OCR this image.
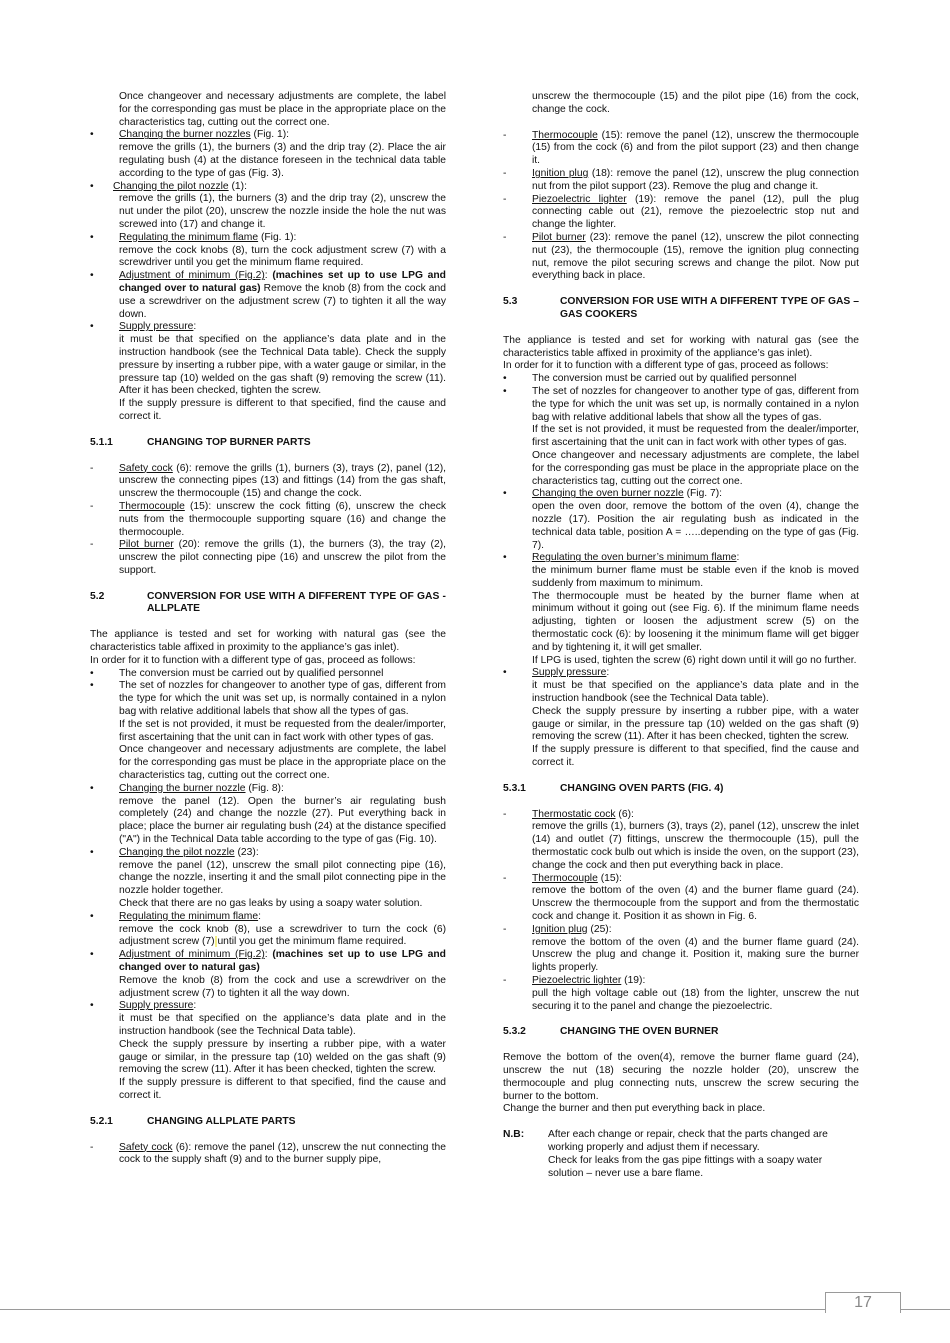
Once changeover and necessary adjustments are complete, the label for the corresponding gas must be place in the appropriate place on the characteristics tag, cutting out the correct one.

• Changing the burner nozzles (Fig. 1):
remove the grills (1), the burners (3) and the drip tray (2). Place the air regulating bush (4) at the distance foreseen in the technical data table according to the type of gas (Fig. 3).
• Changing the pilot nozzle (1):

remove the grills (1), the burners (3) and the drip tray (2), unscrew the nut under the pilot (20), unscrew the nozzle inside the hole the nut was screwed into (17) and change it.
• Regulating the minimum flame (Fig. 1):
remove the cock knobs (8), turn the cock adjustment screw (7) with a screwdriver until you get the minimum flame required.
• Adjustment of minimum (Fig.2): (machines set up to use LPG and changed over to natural gas) Remove the knob (8) from the cock and use a screwdriver on the adjustment screw (7) to tighten it all the way down.
• Supply pressure:
it must be that specified on the appliance’s data plate and in the instruction handbook (see the Technical Data table). Check the supply pressure by inserting a rubber pipe, with a water gauge or similar, in the pressure tap (10) welded on the gas shaft (9) removing the screw (11). After it has been checked, tighten the screw.
If the supply pressure is different to that specified, find the cause and correct it.
5.1.1	CHANGING TOP BURNER PARTS
- Safety cock (6): remove the grills (1), burners (3), trays (2), panel (12), unscrew the connecting pipes (13) and fittings (14) from the gas shaft, unscrew the thermocouple (15) and change the cock.
- Thermocouple (15): unscrew the cock fitting (6), unscrew the check nuts from the thermocouple supporting square (16) and change the thermocouple.
- Pilot burner (20): remove the grills (1), the burners (3), the tray (2), unscrew the pilot connecting pipe (16) and unscrew the pilot from the support.
5.2	CONVERSION FOR USE WITH A DIFFERENT TYPE OF GAS - ALLPLATE

The appliance is tested and set for working with natural gas (see the characteristics table affixed in proximity to the appliance’s gas inlet).

In order for it to function with a different type of gas, proceed as follows:

• The conversion must be carried out by qualified personnel
• The set of nozzles for changeover to another type of gas, different from the type for which the unit was set up, is normally contained in a nylon bag with relative additional labels that show all the types of gas.
If the set is not provided, it must be requested from the dealer/importer, first ascertaining that the unit can in fact work with other types of gas.
Once changeover and necessary adjustments are complete, the label for the corresponding gas must be place in the appropriate place on the characteristics tag, cutting out the correct one.
• Changing the burner nozzle (Fig. 8):
remove the panel (12). Open the burner’s air regulating bush completely (24) and change the nozzle (27). Put everything back in place; place the burner air regulating bush (24) at the distance specified ("A") in the Technical Data table according to the type of gas (Fig. 10).
• Changing the pilot nozzle (23):
remove the panel (12), unscrew the small pilot connecting pipe (16), change the nozzle, inserting it and the small pilot connecting pipe in the nozzle holder together.
Check that there are no gas leaks by using a soapy water solution.
• Regulating the minimum flame:
remove the cock knob (8), use a screwdriver to turn the cock (6) adjustment screw (7) until you get the minimum flame required.
• Adjustment of minimum (Fig.2): (machines set up to use LPG and changed over to natural gas)
Remove the knob (8) from the cock and use a screwdriver on the adjustment screw (7) to tighten it all the way down.
• Supply pressure:
it must be that specified on the appliance’s data plate and in the instruction handbook (see the Technical Data table).
Check the supply pressure by inserting a rubber pipe, with a water gauge or similar, in the pressure tap (10) welded on the gas shaft (9) removing the screw (11). After it has been checked, tighten the screw.
If the supply pressure is different to that specified, find the cause and correct it.
5.2.1	CHANGING ALLPLATE PARTS
- Safety cock (6): remove the panel (12), unscrew the nut connecting the cock to the supply shaft (9) and to the burner supply pipe,

unscrew the thermocouple (15) and the pilot pipe (16) from the cock, change the cock.

- Thermocouple (15): remove the panel (12), unscrew the thermocouple (15) from the cock (6) and from the pilot support (23) and then change it.
- Ignition plug (18): remove the panel (12), unscrew the plug connection nut from the pilot support (23). Remove the plug and change it.
- Piezoelectric lighter (19): remove the panel (12), pull the plug connecting cable out (21), remove the piezoelectric stop nut and change the lighter.
- Pilot burner (23): remove the panel (12), unscrew the pilot connecting nut (23), the thermocouple (15), remove the ignition plug connecting nut, remove the pilot securing screws and change the pilot. Now put everything back in place.
5.3	CONVERSION FOR USE WITH A DIFFERENT TYPE OF GAS – GAS COOKERS

The appliance is tested and set for working with natural gas (see the characteristics table affixed in proximity of the appliance’s gas inlet).

In order for it to function with a different type of gas, proceed as follows:

• The conversion must be carried out by qualified personnel
• The set of nozzles for changeover to another type of gas, different from the type for which the unit was set up, is normally contained in a nylon bag with relative additional labels that show all the types of gas.
If the set is not provided, it must be requested from the dealer/importer, first ascertaining that the unit can in fact work with other types of gas.
Once changeover and necessary adjustments are complete, the label for the corresponding gas must be place in the appropriate place on the characteristics tag, cutting out the correct one.
• Changing the oven burner nozzle (Fig. 7):
open the oven door, remove the bottom of the oven (4), change the nozzle (17). Position the air regulating bush as indicated in the technical data table, position A = …..depending on the type of gas (Fig. 7).
• Regulating the oven burner’s minimum flame:
the minimum burner flame must be stable even if the knob is moved suddenly from maximum to minimum.
The thermocouple must be heated by the burner flame when at minimum without it going out (see Fig. 6). If the minimum flame needs adjusting, tighten or loosen the adjustment screw (5) on the thermostatic cock (6): by loosening it the minimum flame will get bigger and by tightening it, it will get smaller.
If LPG is used, tighten the screw (6) right down until it will go no further.
• Supply pressure:
it must be that specified on the appliance’s data plate and in the instruction handbook (see the Technical Data table).
Check the supply pressure by inserting a rubber pipe, with a water gauge or similar, in the pressure tap (10) welded on the gas shaft (9) removing the screw (11). After it has been checked, tighten the screw.
If the supply pressure is different to that specified, find the cause and correct it.
5.3.1	CHANGING OVEN PARTS (FIG. 4)
- Thermostatic cock (6):
remove the grills (1), burners (3), trays (2), panel (12), unscrew the inlet (14) and outlet (7) fittings, unscrew the thermocouple (15), pull the thermostatic cock bulb out which is inside the oven, on the support (23), change the cock and then put everything back in place.
- Thermocouple (15):
remove the bottom of the oven (4) and the burner flame guard (24). Unscrew the thermocouple from the support and from the thermostatic cock and change it. Position it as shown in Fig. 6.
- Ignition plug (25):
remove the bottom of the oven (4) and the burner flame guard (24). Unscrew the plug and change it. Position it, making sure the burner lights properly.
- Piezoelectric lighter (19):
pull the high voltage cable out (18) from the lighter, unscrew the nut securing it to the panel and change the piezoelectric.
5.3.2	CHANGING THE OVEN BURNER

Remove the bottom of the oven(4), remove the burner flame guard (24), unscrew the nut (18) securing the nozzle holder (20), unscrew the thermocouple and plug connecting nuts, unscrew the screw securing the burner to the bottom.

Change the burner and then put everything back in place.

N.B:	After each change or repair, check that the parts changed are working properly and adjust them if necessary.
Check for leaks from the gas pipe fittings with a soapy water solution – never use a bare flame.
17
